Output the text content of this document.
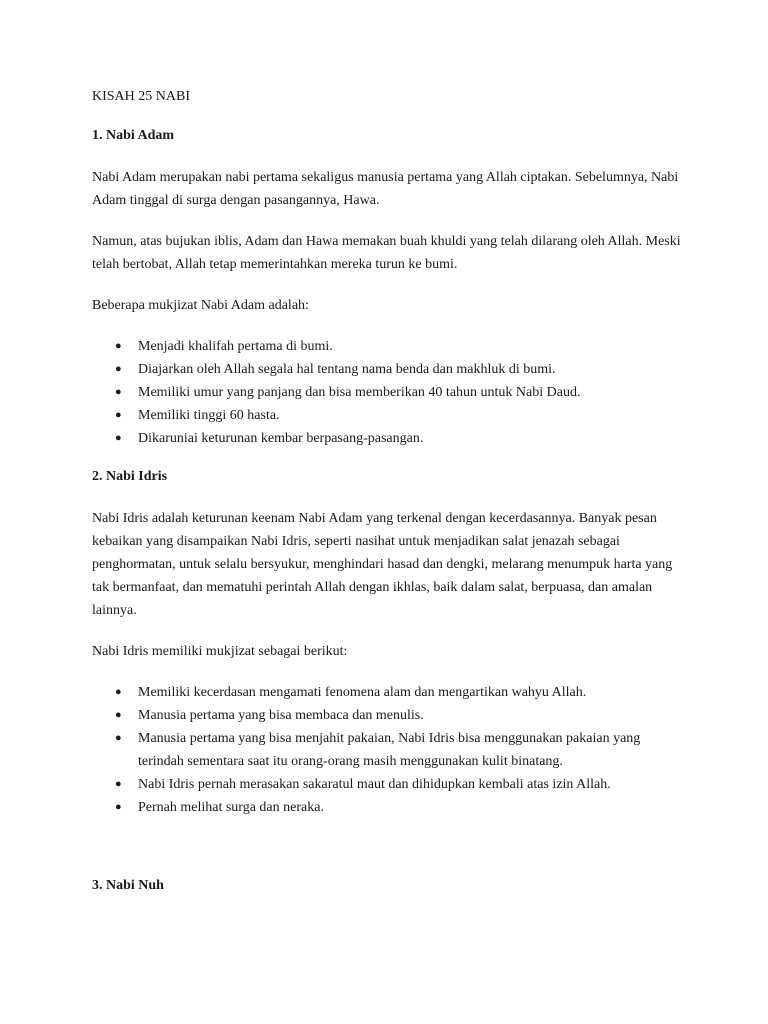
KISAH 25 NABI
1. Nabi Adam

Nabi Adam merupakan nabi pertama sekaligus manusia pertama yang Allah ciptakan. Sebelumnya, Nabi Adam tinggal di surga dengan pasangannya, Hawa.

Namun, atas bujukan iblis, Adam dan Hawa memakan buah khuldi yang telah dilarang oleh Allah. Meski telah bertobat, Allah tetap memerintahkan mereka turun ke bumi.

Beberapa mukjizat Nabi Adam adalah:

● Menjadi khalifah pertama di bumi.
● Diajarkan oleh Allah segala hal tentang nama benda dan makhluk di bumi.
● Memiliki umur yang panjang dan bisa memberikan 40 tahun untuk Nabi Daud.
● Memiliki tinggi 60 hasta.
● Dikaruniai keturunan kembar berpasang-pasangan.
2. Nabi Idris

Nabi Idris adalah keturunan keenam Nabi Adam yang terkenal dengan kecerdasannya. Banyak pesan kebaikan yang disampaikan Nabi Idris, seperti nasihat untuk menjadikan salat jenazah sebagai penghormatan, untuk selalu bersyukur, menghindari hasad dan dengki, melarang menumpuk harta yang tak bermanfaat, dan mematuhi perintah Allah dengan ikhlas, baik dalam salat, berpuasa, dan amalan lainnya.

Nabi Idris memiliki mukjizat sebagai berikut:

● Memiliki kecerdasan mengamati fenomena alam dan mengartikan wahyu Allah.
● Manusia pertama yang bisa membaca dan menulis.
● Manusia pertama yang bisa menjahit pakaian, Nabi Idris bisa menggunakan pakaian yang terindah sementara saat itu orang-orang masih menggunakan kulit binatang.
● Nabi Idris pernah merasakan sakaratul maut dan dihidupkan kembali atas izin Allah.
● Pernah melihat surga dan neraka.
3. Nabi Nuh
